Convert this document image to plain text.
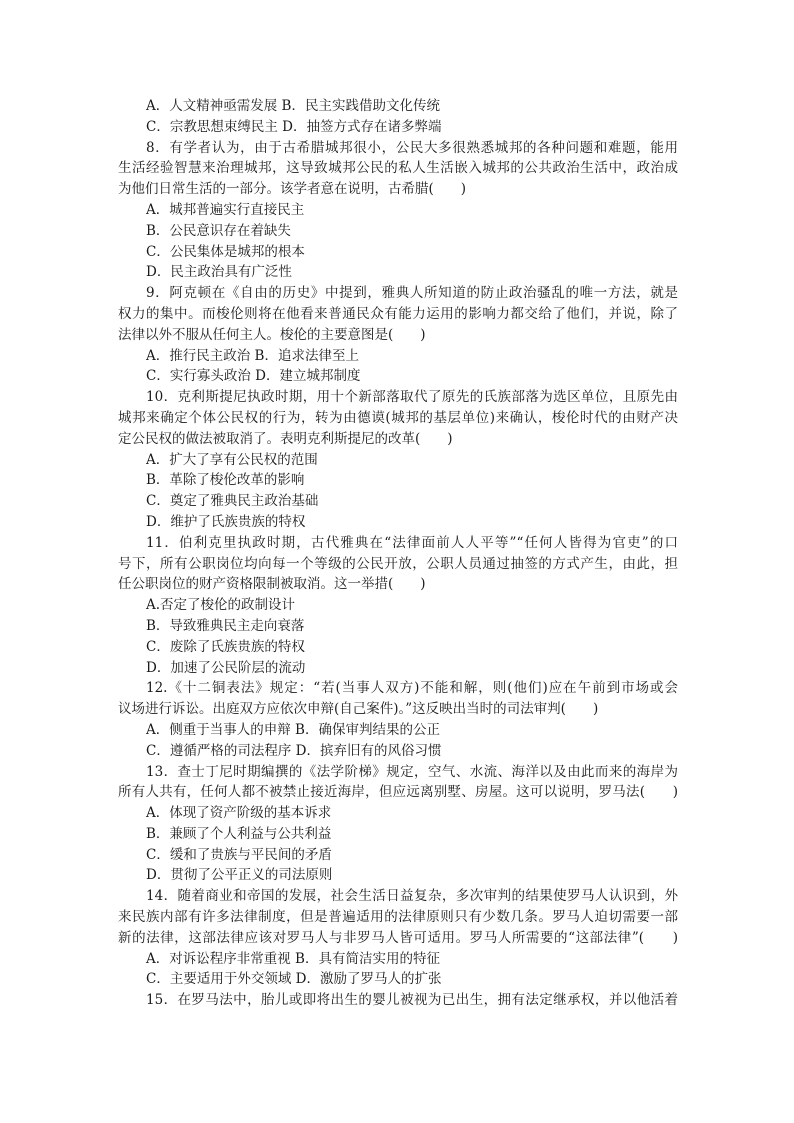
A．人文精神亟需发展 B．民主实践借助文化传统
C．宗教思想束缚民主 D．抽签方式存在诸多弊端
8．有学者认为，由于古希腊城邦很小，公民大多很熟悉城邦的各种问题和难题，能用
生活经验智慧来治理城邦，这导致城邦公民的私人生活嵌入城邦的公共政治生活中，政治成
为他们日常生活的一部分。该学者意在说明，古希腊(　　)
A．城邦普遍实行直接民主
B．公民意识存在着缺失
C．公民集体是城邦的根本
D．民主政治具有广泛性
9．阿克顿在《自由的历史》中提到，雅典人所知道的防止政治骚乱的唯一方法，就是
权力的集中。而梭伦则将在他看来普通民众有能力运用的影响力都交给了他们，并说，除了
法律以外不服从任何主人。梭伦的主要意图是(　　)
A．推行民主政治 B．追求法律至上
C．实行寡头政治 D．建立城邦制度
10．克利斯提尼执政时期，用十个新部落取代了原先的氏族部落为选区单位，且原先由
城邦来确定个体公民权的行为，转为由德谟(城邦的基层单位)来确认，梭伦时代的由财产决
定公民权的做法被取消了。表明克利斯提尼的改革(　　)
A．扩大了享有公民权的范围
B．革除了梭伦改革的影响
C．奠定了雅典民主政治基础
D．维护了氏族贵族的特权
11．伯利克里执政时期，古代雅典在“法律面前人人平等”“任何人皆得为官吏”的口
号下，所有公职岗位均向每一个等级的公民开放，公职人员通过抽签的方式产生，由此，担
任公职岗位的财产资格限制被取消。这一举措(　　)
A.否定了梭伦的政制设计
B．导致雅典民主走向衰落
C．废除了氏族贵族的特权
D．加速了公民阶层的流动
12.《十二铜表法》规定：“若(当事人双方)不能和解，则(他们)应在午前到市场或会
议场进行诉讼。出庭双方应依次申辩(自己案件)。”这反映出当时的司法审判(　　)
A．侧重于当事人的申辩 B．确保审判结果的公正
C．遵循严格的司法程序 D．摈弃旧有的风俗习惯
13．查士丁尼时期编撰的《法学阶梯》规定，空气、水流、海洋以及由此而来的海岸为
所有人共有，任何人都不被禁止接近海岸，但应远离别墅、房屋。这可以说明，罗马法(　　)
A．体现了资产阶级的基本诉求
B．兼顾了个人利益与公共利益
C．缓和了贵族与平民间的矛盾
D．贯彻了公平正义的司法原则
14．随着商业和帝国的发展，社会生活日益复杂，多次审判的结果使罗马人认识到，外
来民族内部有许多法律制度，但是普遍适用的法律原则只有少数几条。罗马人迫切需要一部
新的法律，这部法律应该对罗马人与非罗马人皆可适用。罗马人所需要的“这部法律”(　　)
A．对诉讼程序非常重视 B．具有简洁实用的特征
C．主要适用于外交领域 D．激励了罗马人的扩张
15．在罗马法中，胎儿或即将出生的婴儿被视为已出生，拥有法定继承权，并以他活着
